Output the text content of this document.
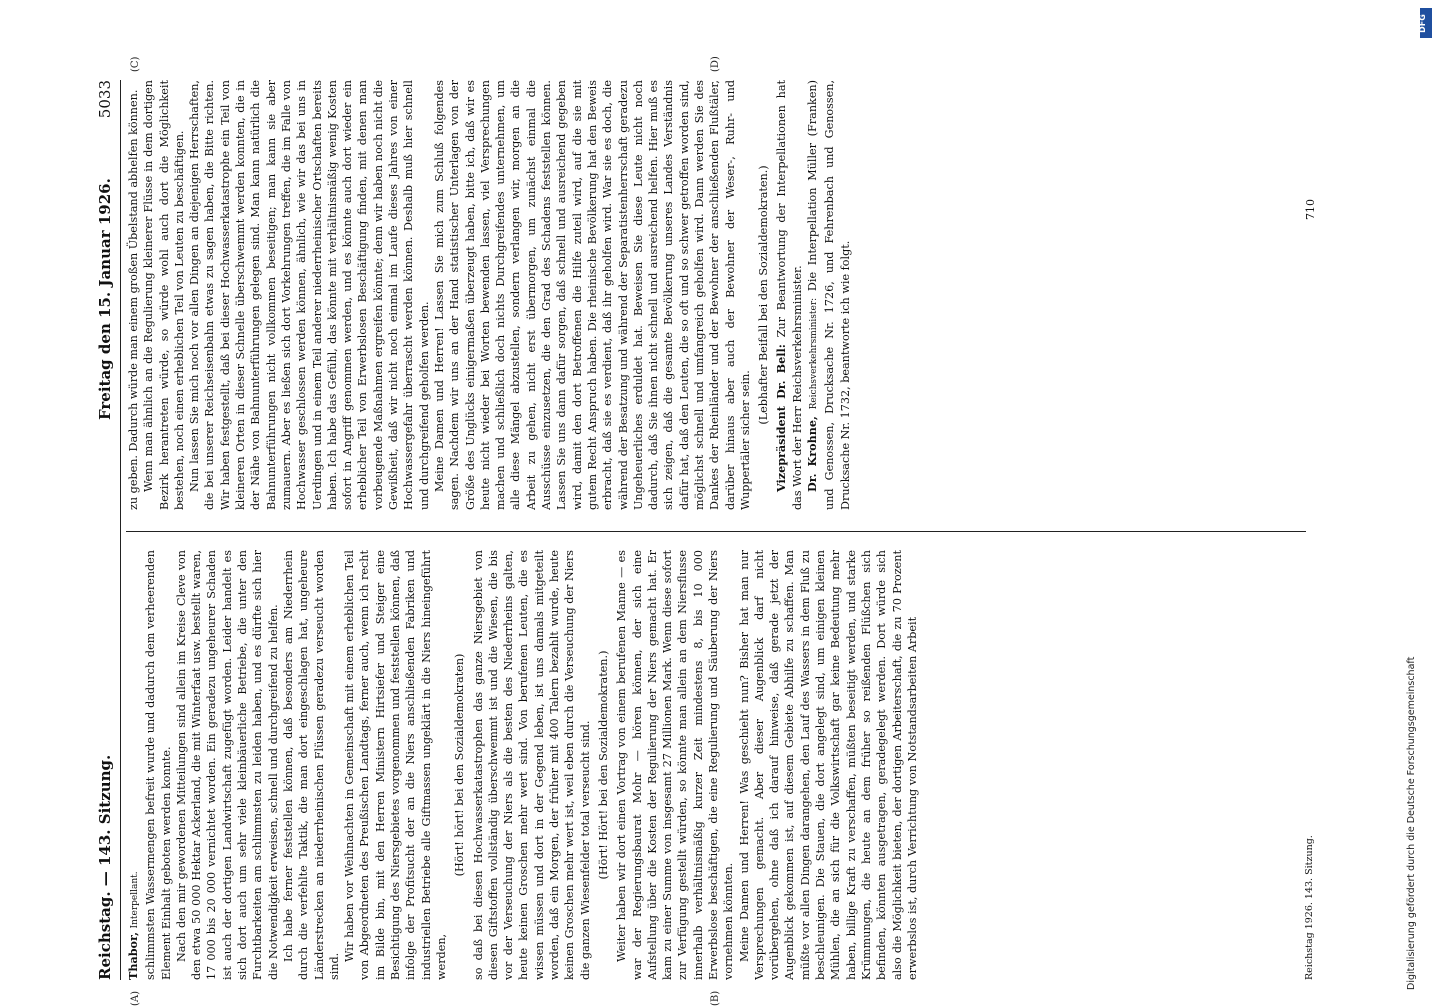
Reichstag. — 143. Sitzung.
Freitag den 15. Januar 1926.
5033
(A)	(B)
(C)	(D)

Thabor, Interpellant. schlimmsten Wassermengen befreit wurde und dadurch dem verheerenden Element Einhalt geboten werden konnte. Nach den mir gewordenen Mitteilungen sind allein im Kreise Cleve von den etwa 50 000 Hektar Ackerland, die mit Winterfaat usw. bestellt waren, 17 000 bis 20 000 vernichtet worden. Ein geradezu ungeheurer Schaden ist auch der dortigen Landwirtschaft zugefügt worden. Leider handelt es sich dort auch um sehr viele kleinbäuerliche Betriebe, die unter den Furchtbarkeiten am schlimmsten zu leiden haben, und es dürfte sich hier die Notwendigkeit erweisen, schnell und durchgreifend zu helfen. Ich habe ferner feststellen können, daß besonders am Niederrhein durch die verfehlte Taktik, die man dort eingeschlagen hat, ungeheure Länderstrecken an niederrheinischen Flüssen geradezu verseucht worden sind.

Wir haben vor Weihnachten in Gemeinschaft mit einem erheblichen Teil von Abgeordneten des Preußischen Landtags, ferner auch, wenn ich recht im Bilde bin, mit den Herren Ministern Hirtsiefer und Steiger eine Besichtigung des Niersgebietes vorgenommen und feststellen können, daß infolge der Profitsucht der an die Niers anschließenden Fabriken und industriellen Betriebe alle Giftmassen ungeklärt in die Niers hineingeführt werden,

(Hört! hört! bei den Sozialdemokraten) so daß bei diesen Hochwasserkatastrophen das ganze Niersgebiet von diesen Giftstoffen vollständig überschwemmt ist und die Wiesen, die bis vor der Verseuchung der Niers als die besten des Niederrheins galten, heute keinen Groschen mehr wert sind. Von berufenen Leuten, die es wissen müssen und dort in der Gegend leben, ist uns damals mitgeteilt worden, daß ein Morgen, der früher mit 400 Talern bezahlt wurde, heute keinen Groschen mehr wert ist, weil eben durch die Verseuchung der Niers die ganzen Wiesenfelder total verseucht sind. (Hört! Hört! bei den Sozialdemokraten.) Weiter haben wir dort einen Vortrag von einem berufenen Manne — es war der Regierungsbaurat Mohr — hören können, der sich eine Aufstellung über die Kosten der Regulierung der Niers gemacht hat. Er kam zu einer Summe von insgesamt 27 Millionen Mark. Wenn diese sofort zur Verfügung gestellt würden, so könnte man allein an dem Niersflusse innerhalb verhältnismäßig kurzer Zeit mindestens 8, bis 10 000 Erwerbslose beschäftigen, die eine Regulierung und Säuberung der Niers vornehmen könnten. Meine Damen und Herren! Was geschieht nun? Bisher hat man nur Versprechungen gemacht. Aber dieser Augenblick darf nicht vorübergehen, ohne daß ich darauf hinweise, daß gerade jetzt der Augenblick gekommen ist, auf diesem Gebiete Abhilfe zu schaffen. Man müßte vor allen Dingen darangehen, den Lauf des Wassers in dem Fluß zu beschleunigen. Die Stauen, die dort angelegt sind, um einigen kleinen Mühlen, die an sich für die Volkswirtschaft gar keine Bedeutung mehr haben, billige Kraft zu verschaffen, müßten beseitigt werden, und starke Krümmungen, die heute an dem früher so reißenden Flüßchen sich befinden, könnten ausgetragen, geradegelegt werden. Dort würde sich also die Möglichkeit bieten, der dortigen Arbeiterschaft, die zu 70 Prozent erwerbslos ist, durch Verrichtung von Notstandsarbeiten Arbeit

zu geben. Dadurch würde man einem großen Übelstand abhelfen können. Wenn man ähnlich an die Regulierung kleinerer Flüsse in dem dortigen Bezirk herantreten würde, so würde wohl auch dort die Möglichkeit bestehen, noch einen erheblichen Teil von Leuten zu beschäftigen. Nun lassen Sie mich noch vor allen Dingen an diejenigen Herrschaften, die bei unserer Reichseisenbahn etwas zu sagen haben, die Bitte richten. Wir haben festgestellt, daß bei dieser Hochwasserkatastrophe ein Teil von kleineren Orten in dieser Schnelle überschwemmt werden konnten, die in der Nähe von Bahnunterführungen gelegen sind. Man kann natürlich die Bahnunterführungen nicht vollkommen beseitigen; man kann sie aber zumauern. Aber es ließen sich dort Vorkehrungen treffen, die im Falle von Hochwasser geschlossen werden können, ähnlich, wie wir das bei uns in Uerdingen und in einem Teil anderer niederrheinischer Ortschaften bereits haben. Ich habe das Gefühl, das könnte mit verhältnismäßig wenig Kosten sofort in Angriff genommen werden, und es könnte auch dort wieder ein erheblicher Teil von Erwerbslosen Beschäftigung finden, mit denen man vorbeugende Maßnahmen ergreifen könnte; denn wir haben noch nicht die Gewißheit, daß wir nicht noch einmal im Laufe dieses Jahres von einer Hochwassergefahr überrascht werden können. Deshalb muß hier schnell und durchgreifend geholfen werden. Meine Damen und Herren! Lassen Sie mich zum Schluß folgendes sagen. Nachdem wir uns an der Hand statistischer Unterlagen von der Größe des Unglücks einigermaßen überzeugt haben, bitte ich, daß wir es heute nicht wieder bei Worten bewenden lassen, viel Versprechungen machen und schließlich doch nichts Durchgreifendes unternehmen, um alle diese Mängel abzustellen, sondern verlangen wir, morgen an die Arbeit zu gehen, nicht erst übermorgen, um zunächst einmal die Ausschüsse einzusetzen, die den Grad des Schadens feststellen können. Lassen Sie uns dann dafür sorgen, daß schnell und ausreichend gegeben wird, damit den dort Betroffenen die Hilfe zuteil wird, auf die sie mit gutem Recht Anspruch haben. Die rheinische Bevölkerung hat den Beweis erbracht, daß sie es verdient, daß ihr geholfen wird. War sie es doch, die während der Besatzung und während der Separatistenherrschaft geradezu Ungeheuerliches erduldet hat. Beweisen Sie diese Leute nicht noch dadurch, daß Sie ihnen nicht schnell und ausreichend helfen. Hier muß es sich zeigen, daß die gesamte Bevölkerung unseres Landes Verständnis dafür hat, daß den Leuten, die so oft und so schwer getroffen worden sind, möglichst schnell und umfangreich geholfen wird. Dann werden Sie des Dankes der Rheinländer und der Bewohner der anschließenden Flußtäler, darüber hinaus aber auch der Bewohner der Weser-, Ruhr- und Wuppertäler sicher sein.

(Lebhafter Beifall bei den Sozialdemokraten.) Vizepräsident Dr. Bell: Zur Beantwortung der Interpellationen hat das Wort der Herr Reichsverkehrsminister. Dr. Krohne, Reichsverkehrsminister: Die Interpellation Müller (Franken) und Genossen, Drucksache Nr. 1726, und Fehrenbach und Genossen, Drucksache Nr. 1732, beantworte ich wie folgt.

Reichstag 1926. 143. Sitzung.
710
DFG
Digitalisierung gefördert durch die Deutsche Forschungsgemeinschaft
